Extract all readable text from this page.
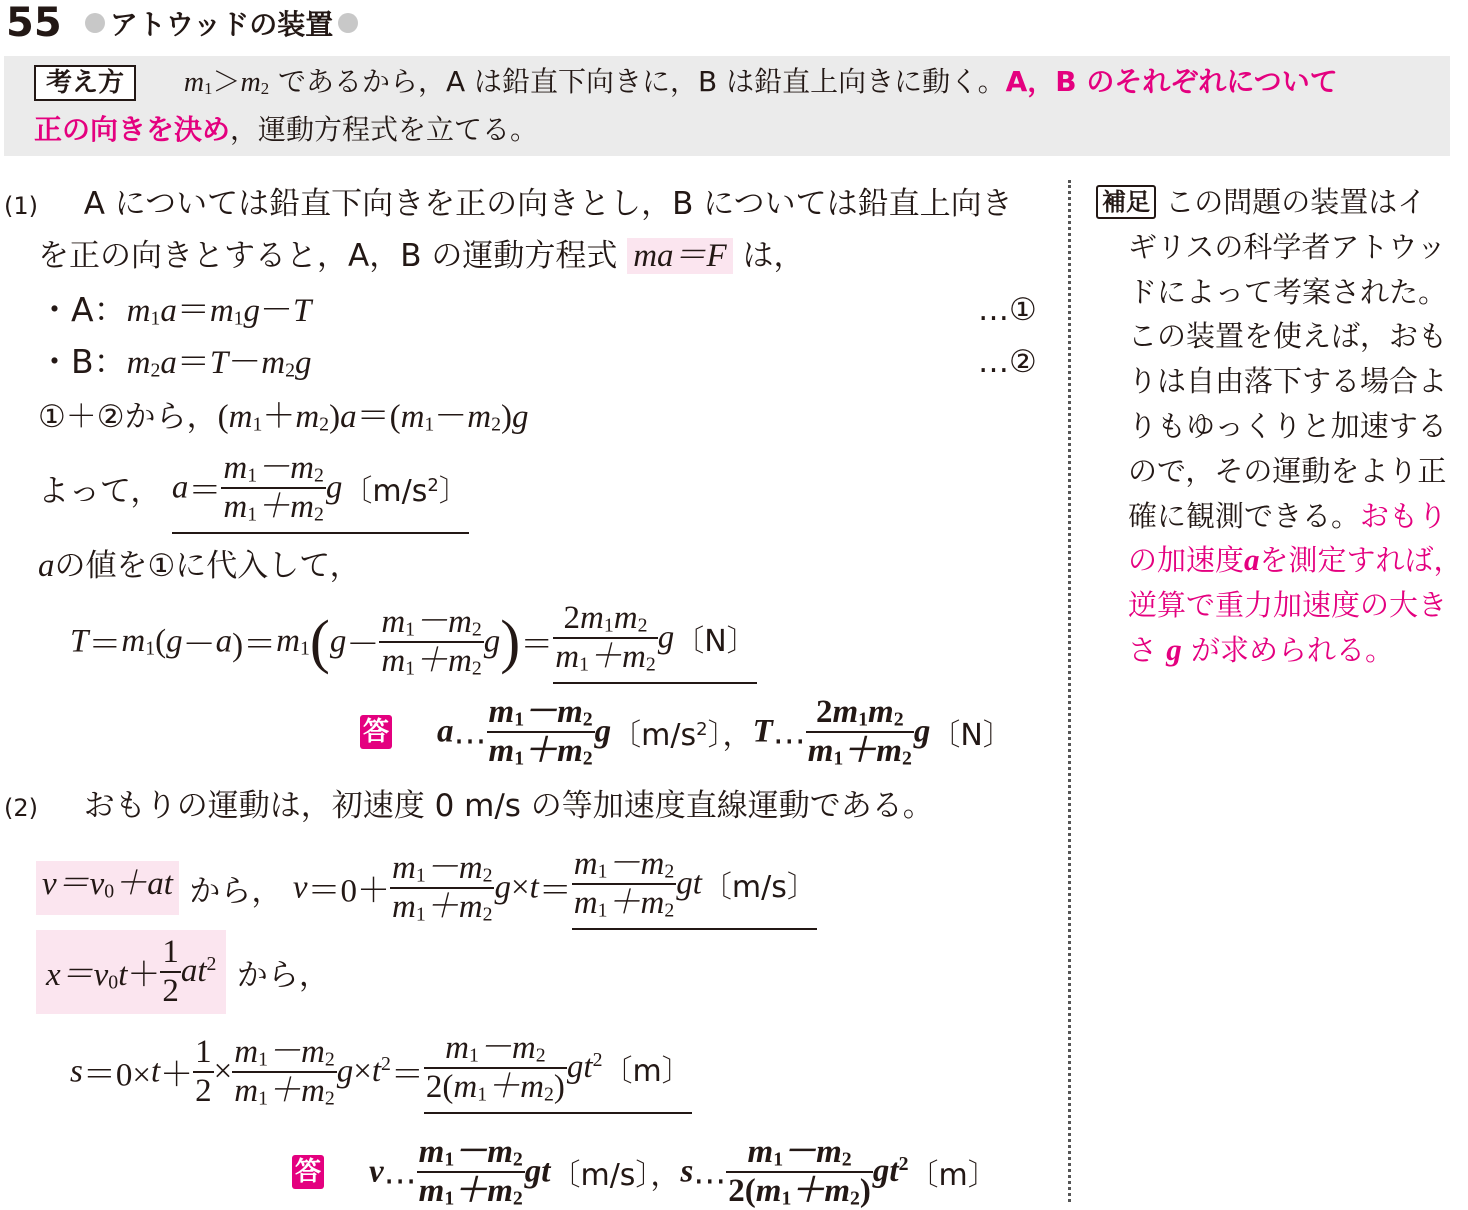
55 アトウッドの装置
考え方 m1＞m2 であるから，A は鉛直下向きに，B は鉛直上向きに動く。A，B のそれぞれについて
正の向きを決め，運動方程式を立てる。
(1) A については鉛直下向きを正の向きとし，B については鉛直上向き
を正の向きとすると，A，B の運動方程式 ma＝F は，
・A：m1a＝m1g－T	…①
・B：m2a＝T－m2g	…②
①＋②から，(m1＋m2)a＝(m1－m2)g
よって， $a= \frac{m1-m2}{m1+m2}$ g〔$m/s^2$〕
aの値を①に代入して，
$T=m1(g-a)=m1(g- \frac{m1-m2}{m1+m2} g)= \frac{2m1m2}{m1+m2}$ g〔N〕
答 a… $\frac{m1-m2}{m1+m2}$ g〔$m/s^2$〕，T… $\frac{2m1m2}{m1+m2}$ g〔N〕
(2) おもりの運動は，初速度 0 m/s の等加速度直線運動である。
v＝v0＋at から， $v=0+ \frac{m1-m2}{m1+m2} g\times t= \frac{m1-m2}{m1+m2}$ gt〔m/s〕
$x=v0t+ \frac{1}{2} at^2$ から，
$s=0\times t+ \frac{1}{2} \times \frac{m1-m2}{m1+m2} g\times t^2= \frac{m1-m2}{2(m1+m2)} gt^2$〔m〕
答 v… $\frac{m1-m2}{m1+m2}$ gt〔m/s〕，s… $\frac{m1-m2}{2(m1+m2)} gt^2$〔m〕
補足 この問題の装置はイ
ギリスの科学者アトウッ
ドによって考案された。
この装置を使えば，おも
りは自由落下する場合よ
りもゆっくりと加速する
ので，その運動をより正
確に観測できる。おもり
の加速度aを測定すれば，
逆算で重力加速度の大き
さ g が求められる。
